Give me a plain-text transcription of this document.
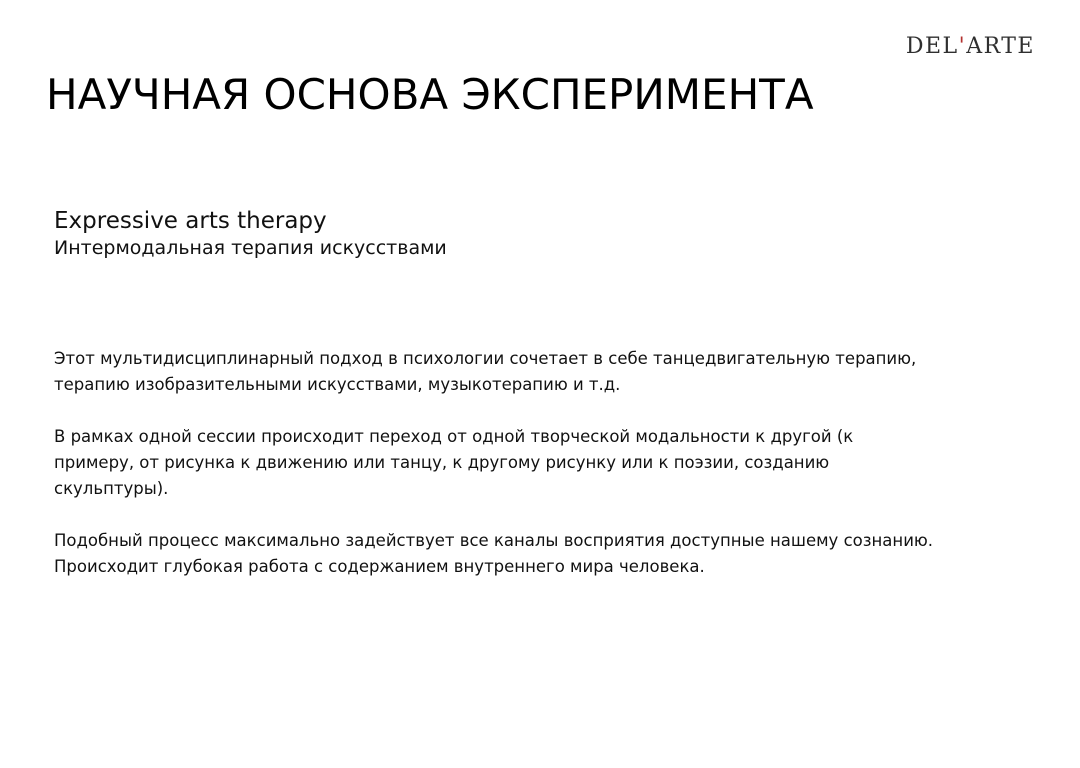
DEL'ARTE
НАУЧНАЯ ОСНОВА ЭКСПЕРИМЕНТА
Expressive arts therapy
Интермодальная терапия искусствами

Этот мультидисциплинарный подход в психологии сочетает в себе танцедвигательную терапию,
терапию изобразительными искусствами, музыкотерапию и т.д.

В рамках одной сессии происходит переход от одной творческой модальности к другой (к
примеру, от рисунка к движению или танцу, к другому рисунку или к поэзии, созданию
скульптуры).

Подобный процесс максимально задействует все каналы восприятия доступные нашему сознанию.
Происходит глубокая работа с содержанием внутреннего мира человека.
